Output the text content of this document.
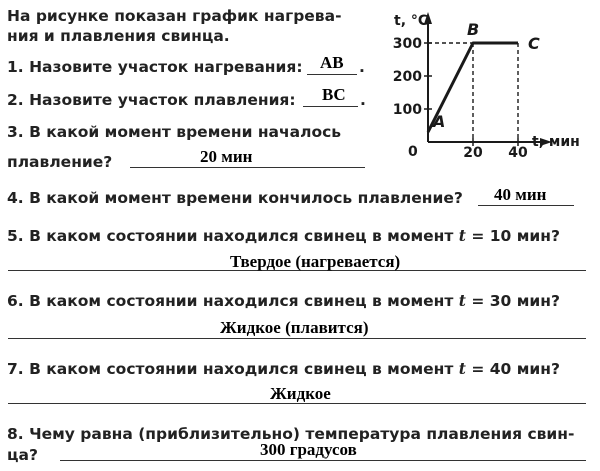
На рисунке показан график нагрева-
ния и плавления свинца.
1. Назовите участок нагревания: АВ .
2. Назовите участок плавления: ВС .
3. В какой момент времени началось
плавление?	20 мин
4. В какой момент времени кончилось плавление? 40 мин
5. В каком состоянии находился свинец в момент t = 10 мин?
Твердое (нагревается)
6. В каком состоянии находился свинец в момент t = 30 мин?
Жидкое (плавится)
7. В каком состоянии находился свинец в момент t = 40 мин?
Жидкое
8. Чему равна (приблизительно) температура плавления свин-
ца?	300 градусов
100
200
300
20 40
A
B
C
t, °C
t, мин
0
